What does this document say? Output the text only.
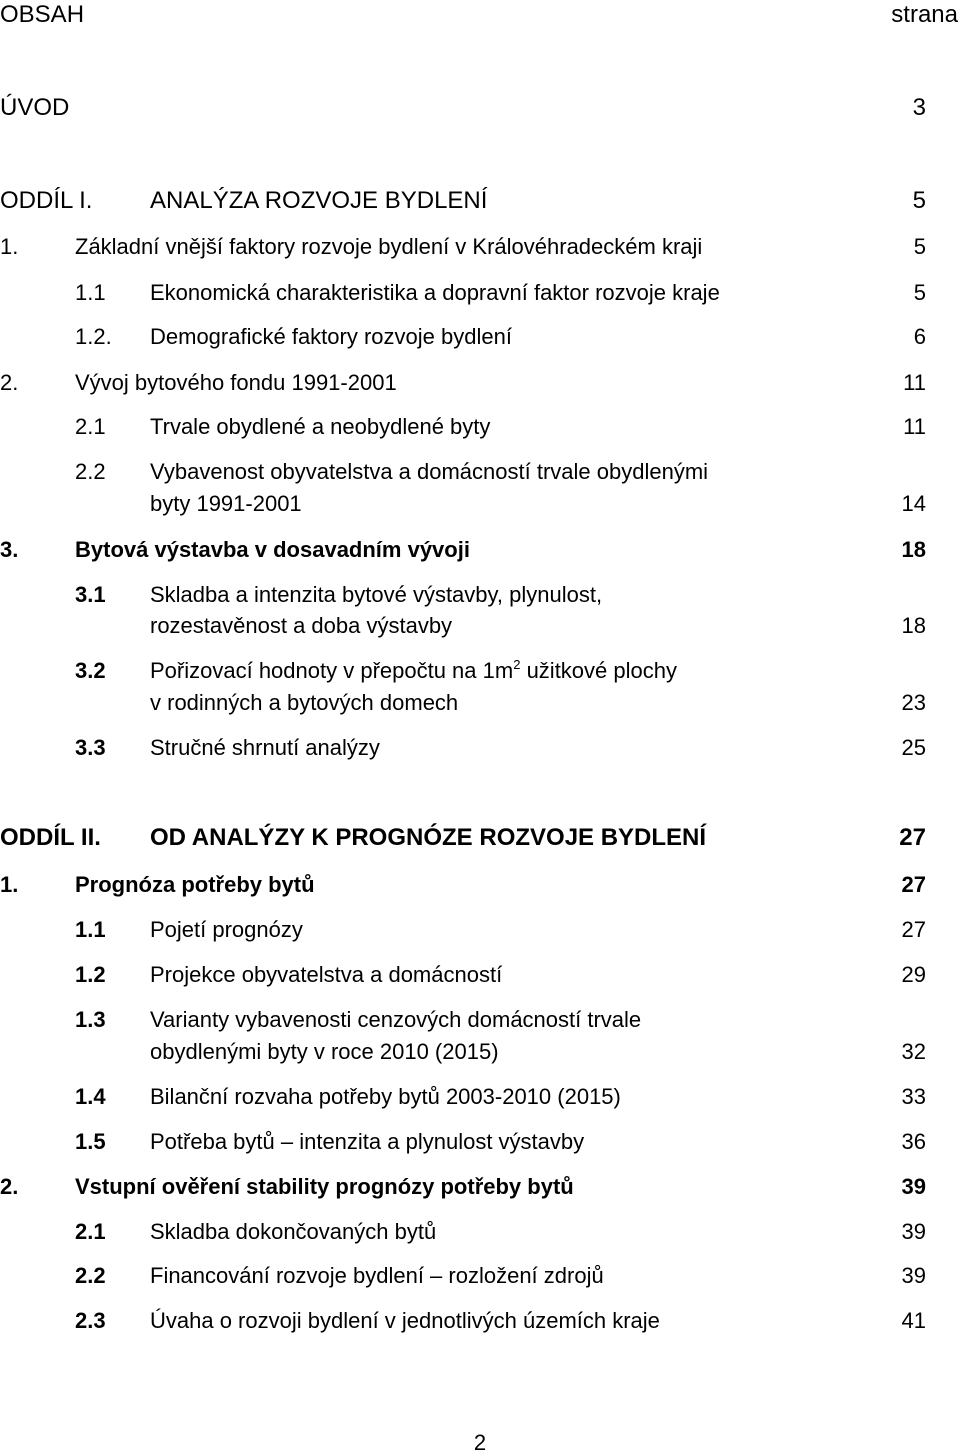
OBSAH	strana
ÚVOD	3
ODDÍL I. ANALÝZA ROZVOJE BYDLENÍ	5
1.	Základní vnější faktory rozvoje bydlení v Královéhradeckém kraji	5
1.1 Ekonomická charakteristika a dopravní faktor rozvoje kraje	5
1.2. Demografické faktory rozvoje bydlení	6
2.	Vývoj bytového fondu 1991-2001	11
2.1 Trvale obydlené a neobydlené byty	11
2.2 Vybavenost obyvatelstva a domácností trvale obydlenými
byty 1991-2001	14
3.	Bytová výstavba v dosavadním vývoji	18
3.1 Skladba a intenzita bytové výstavby, plynulost,
rozestavěnost a doba výstavby	18
3.2 Pořizovací hodnoty v přepočtu na $1m^2$ užitkové plochy
v rodinných a bytových domech	23
3.3 Stručné shrnutí analýzy	25
ODDÍL II. OD ANALÝZY K PROGNÓZE ROZVOJE BYDLENÍ	27
1.	Prognóza potřeby bytů	27
1.1 Pojetí prognózy	27
1.2 Projekce obyvatelstva a domácností	29
1.3 Varianty vybavenosti cenzových domácností trvale
obydlenými byty v roce 2010 (2015)	32
1.4 Bilanční rozvaha potřeby bytů 2003-2010 (2015)	33
1.5 Potřeba bytů – intenzita a plynulost výstavby	36
2.	Vstupní ověření stability prognózy potřeby bytů	39
2.1 Skladba dokončovaných bytů	39
2.2 Financování rozvoje bydlení – rozložení zdrojů	39
2.3 Úvaha o rozvoji bydlení v jednotlivých územích kraje	41
2
